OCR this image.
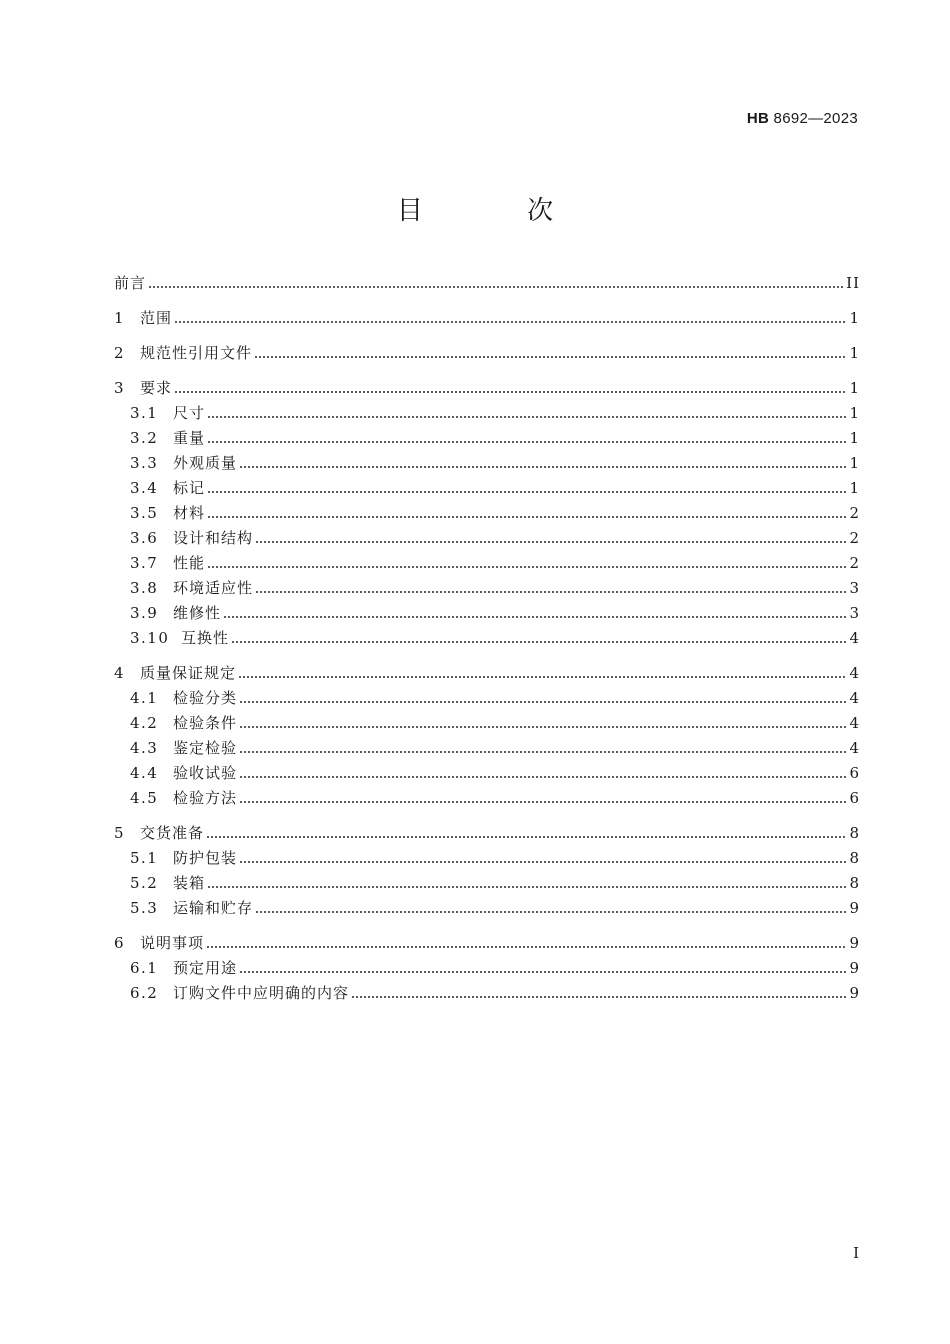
HB 8692—2023
目 次
前言	II
1	范围	1
2	规范性引用文件	1
3	要求	1
3.1 尺寸	1
3.2 重量	1
3.3 外观质量	1
3.4 标记	1
3.5 材料	2
3.6 设计和结构	2
3.7 性能	2
3.8 环境适应性	3
3.9 维修性	3
3.10 互换性	4
4	质量保证规定	4
4.1 检验分类	4
4.2 检验条件	4
4.3 鉴定检验	4
4.4 验收试验	6
4.5 检验方法	6
5	交货准备	8
5.1 防护包装	8
5.2 装箱	8
5.3 运输和贮存	9
6	说明事项	9
6.1 预定用途	9
6.2 订购文件中应明确的内容	9
I
